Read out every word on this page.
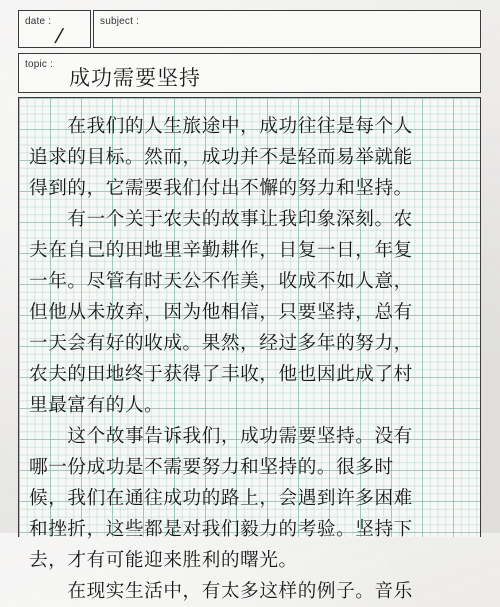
date :
/
subject :
topic :
成功需要坚持
　　在我们的人生旅途中，成功往往是每个人
追求的目标。然而，成功并不是轻而易举就能
得到的，它需要我们付出不懈的努力和坚持。
　　有一个关于农夫的故事让我印象深刻。农
夫在自己的田地里辛勤耕作，日复一日，年复
一年。尽管有时天公不作美，收成不如人意，
但他从未放弃，因为他相信，只要坚持，总有
一天会有好的收成。果然，经过多年的努力，
农夫的田地终于获得了丰收，他也因此成了村
里最富有的人。
　　这个故事告诉我们，成功需要坚持。没有
哪一份成功是不需要努力和坚持的。很多时
候，我们在通往成功的路上，会遇到许多困难
和挫折，这些都是对我们毅力的考验。坚持下
去，才有可能迎来胜利的曙光。
　　在现实生活中，有太多这样的例子。音乐
